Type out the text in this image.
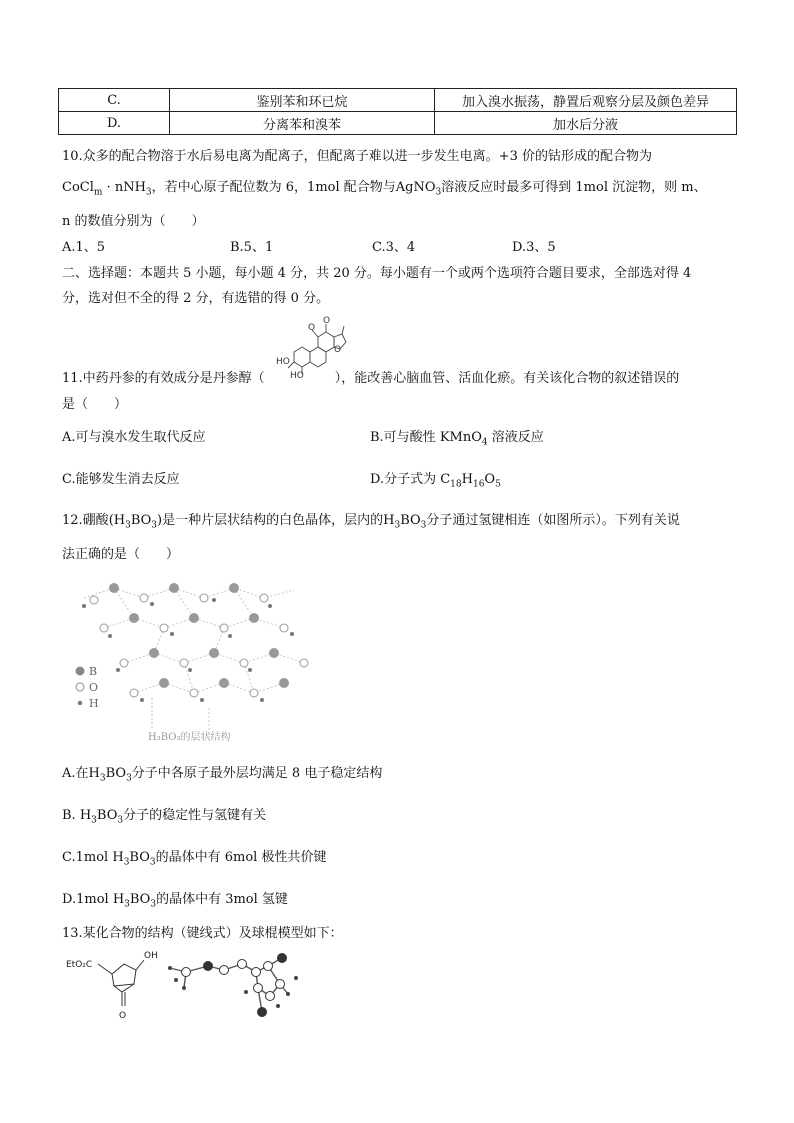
C.	鉴别苯和环已烷	加入溴水振荡，静置后观察分层及颜色差异
D.	分离苯和溴苯	加水后分液
10.众多的配合物溶于水后易电离为配离子，但配离子难以进一步发生电离。+3 价的钴形成的配合物为
CoCl$_m$ · nNH$_3$，若中心原子配位数为 6，1mol 配合物与AgNO$_3$溶液反应时最多可得到 1mol 沉淀物，则 m、
n 的数值分别为（　　）
A.1、5	B.5、1	C.3、4	D.3、5
二、选择题：本题共 5 小题，每小题 4 分，共 20 分。每小题有一个或两个选项符合题目要求，全部选对得 4
分，选对但不全的得 2 分，有选错的得 0 分。
O
O
O
HO
HO
11.中药丹参的有效成分是丹参醇（	），能改善心脑血管、活血化瘀。有关该化合物的叙述错误的
是（　　）
A.可与溴水发生取代反应	B.可与酸性 KMnO$_4$ 溶液反应
C.能够发生消去反应	D.分子式为 $C_{18}H_{16}O_5$
12.硼酸$(H_3BO_3)$是一种片层状结构的白色晶体，层内的$H_3BO_3$分子通过氢键相连（如图所示）。下列有关说
法正确的是（　　）
B
O
H
H₃BO₃的层状结构
A.在$H_3BO_3$分子中各原子最外层均满足 8 电子稳定结构
B. $H_3BO_3$分子的稳定性与氢键有关
C.1mol $H_3BO_3$的晶体中有 6mol 极性共价键
D.1mol $H_3BO_3$的晶体中有 3mol 氢键
13.某化合物的结构（键线式）及球棍模型如下：
EtO₂C
OH
O
